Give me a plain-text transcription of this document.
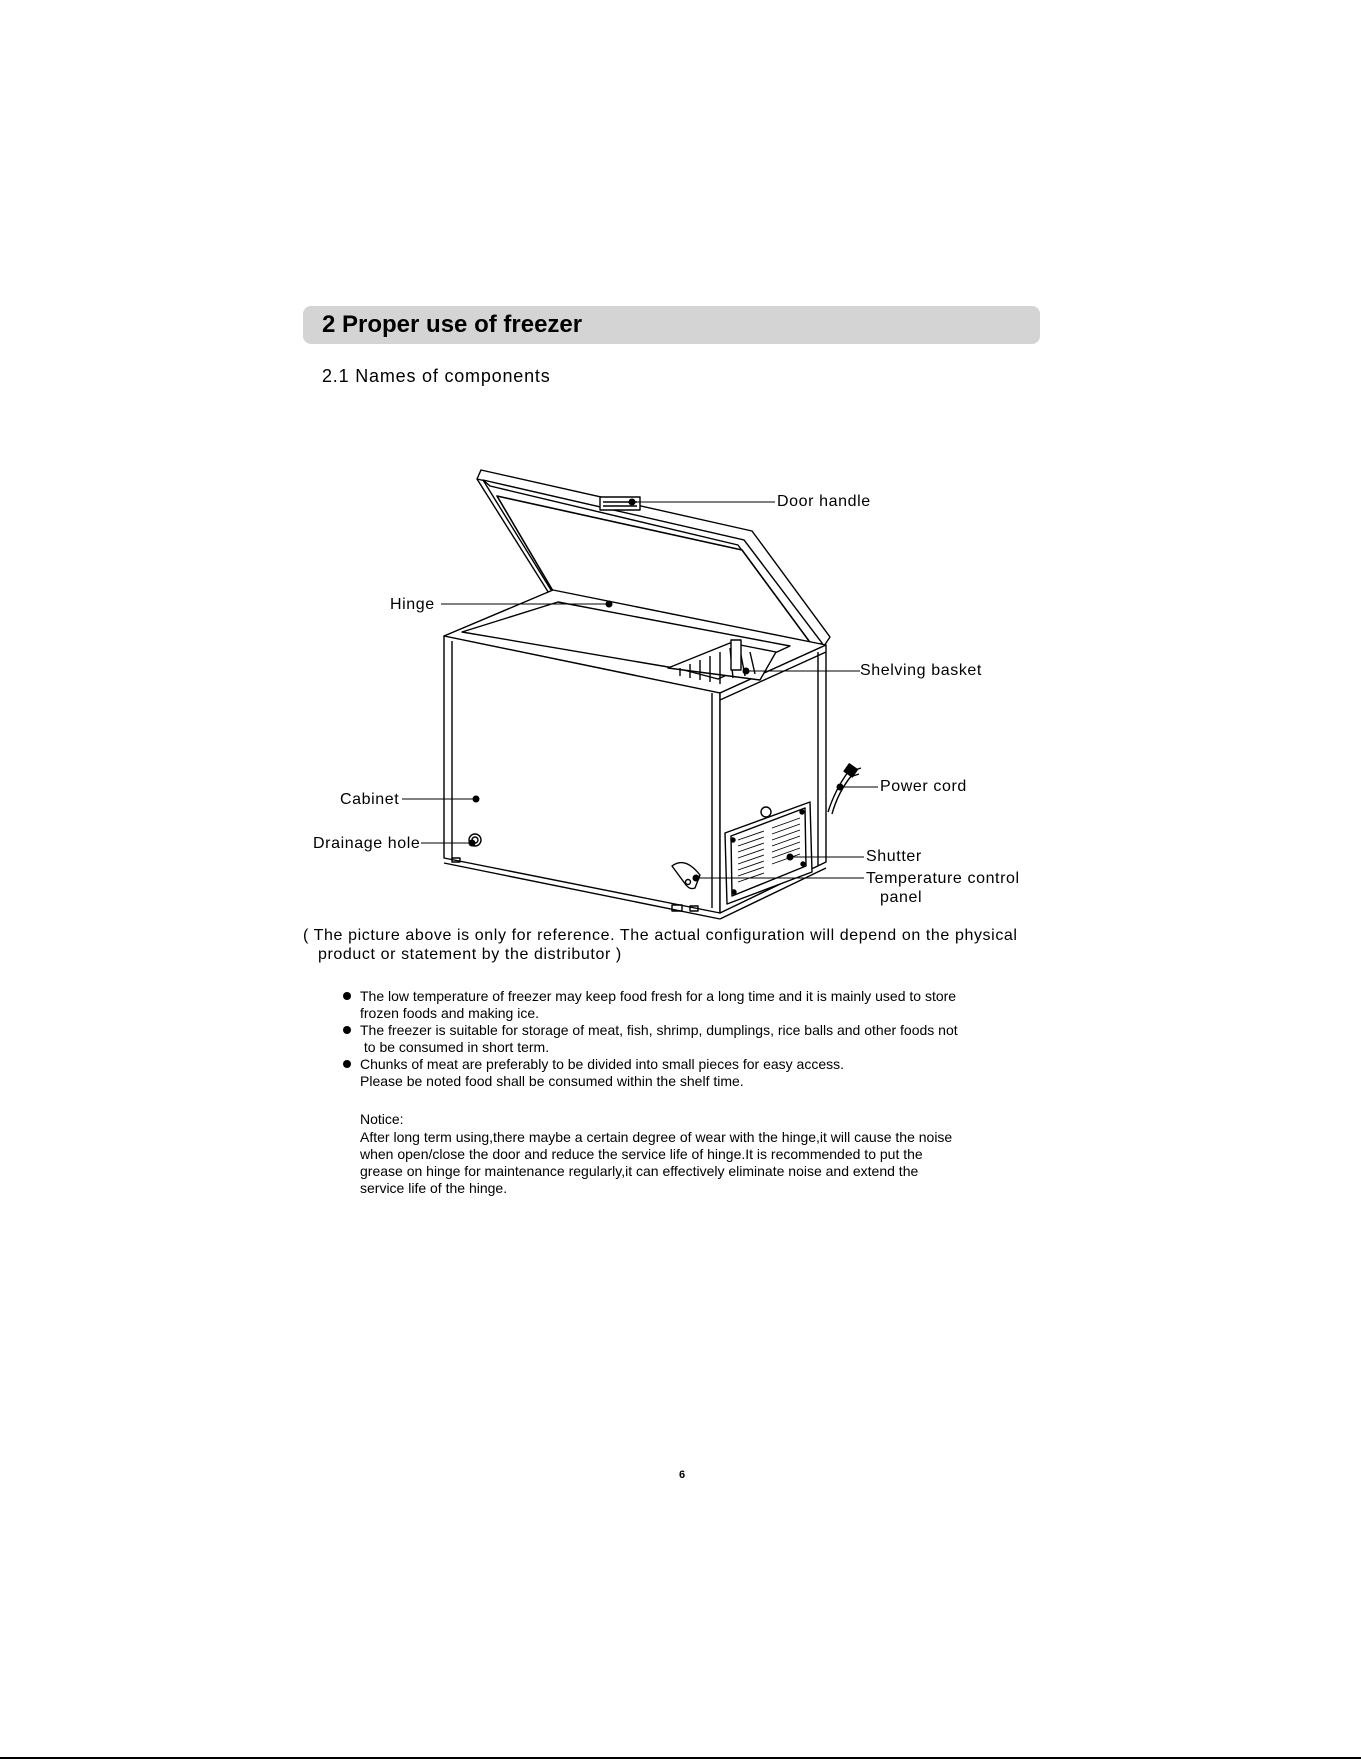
2 Proper use of freezer
2.1 Names of components
Door handle
Hinge
Shelving basket
Power cord
Cabinet
Drainage hole
Shutter
Temperature control
panel
( The picture above is only for reference. The actual configuration will depend on the physical
product or statement by the distributor )
The low temperature of freezer may keep food fresh for a long time and it is mainly used to store
frozen foods and making ice.
The freezer is suitable for storage of meat, fish, shrimp, dumplings, rice balls and other foods not
to be consumed in short term.
Chunks of meat are preferably to be divided into small pieces for easy access.
Please be noted food shall be consumed within the shelf time.
Notice:
After long term using,there maybe a certain degree of wear with the hinge,it will cause the noise
when open/close the door and reduce the service life of hinge.It is recommended to put the
grease on hinge for maintenance regularly,it can effectively eliminate noise and extend the
service life of the hinge.
6
